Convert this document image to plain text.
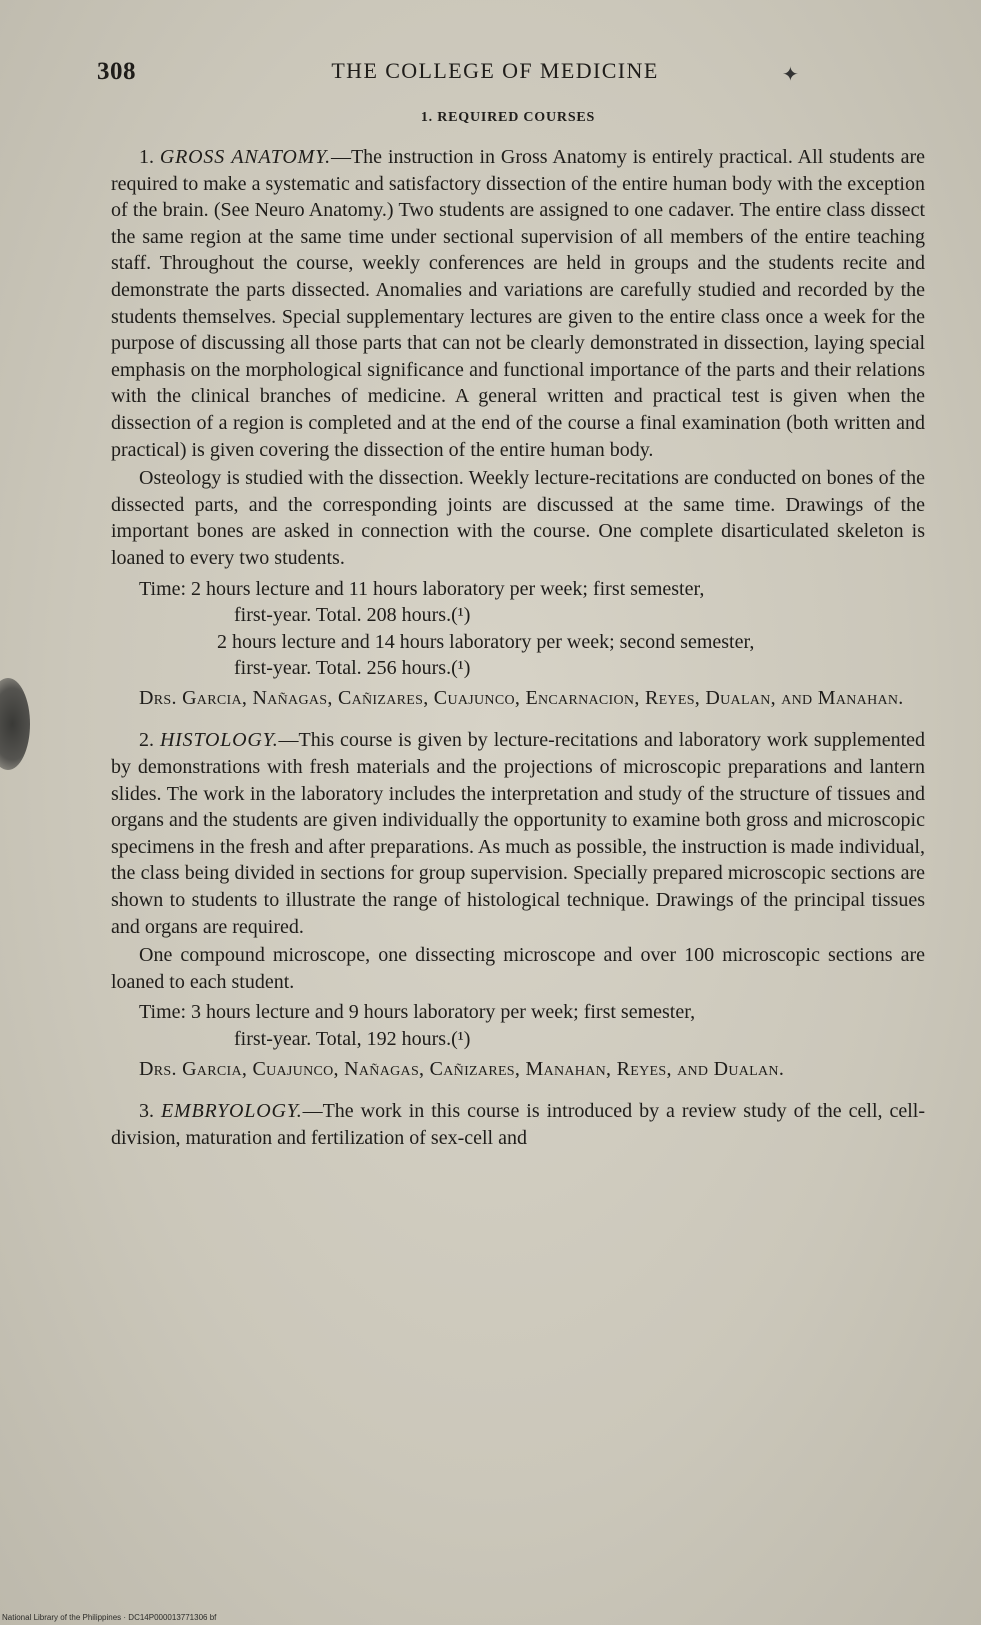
✦
308	THE COLLEGE OF MEDICINE
1. REQUIRED COURSES

1. GROSS ANATOMY.—The instruction in Gross Anatomy is entirely practical. All students are required to make a systematic and satisfactory dissection of the entire human body with the exception of the brain. (See Neuro Anatomy.) Two students are assigned to one cadaver. The entire class dissect the same region at the same time under sectional supervision of all members of the entire teaching staff. Throughout the course, weekly conferences are held in groups and the students recite and demonstrate the parts dissected. Anomalies and variations are carefully studied and recorded by the students themselves. Special supplementary lectures are given to the entire class once a week for the purpose of discussing all those parts that can not be clearly demonstrated in dissection, laying special emphasis on the morphological significance and functional importance of the parts and their relations with the clinical branches of medicine. A general written and practical test is given when the dissection of a region is completed and at the end of the course a final examination (both written and practical) is given covering the dissection of the entire human body.

Osteology is studied with the dissection. Weekly lecture-recitations are conducted on bones of the dissected parts, and the corresponding joints are discussed at the same time. Drawings of the important bones are asked in connection with the course. One complete disarticulated skeleton is loaned to every two students.

Time: 2 hours lecture and 11 hours laboratory per week; first semester,
first-year. Total. 208 hours.(¹)
2 hours lecture and 14 hours laboratory per week; second semester,
first-year. Total. 256 hours.(¹)
Drs. Garcia, Nañagas, Cañizares, Cuajunco, Encarnacion, Reyes, Dualan, and Manahan.

2. HISTOLOGY.—This course is given by lecture-recitations and laboratory work supplemented by demonstrations with fresh materials and the projections of microscopic preparations and lantern slides. The work in the laboratory includes the interpretation and study of the structure of tissues and organs and the students are given individually the opportunity to examine both gross and microscopic specimens in the fresh and after preparations. As much as possible, the instruction is made individual, the class being divided in sections for group supervision. Specially prepared microscopic sections are shown to students to illustrate the range of histological technique. Drawings of the principal tissues and organs are required.

One compound microscope, one dissecting microscope and over 100 microscopic sections are loaned to each student.

Time: 3 hours lecture and 9 hours laboratory per week; first semester,
first-year. Total, 192 hours.(¹)
Drs. Garcia, Cuajunco, Nañagas, Cañizares, Manahan, Reyes, and Dualan.

3. EMBRYOLOGY.—The work in this course is introduced by a review study of the cell, cell-division, maturation and fertilization of sex-cell and

National Library of the Philippines · DC14P000013771306 bf
